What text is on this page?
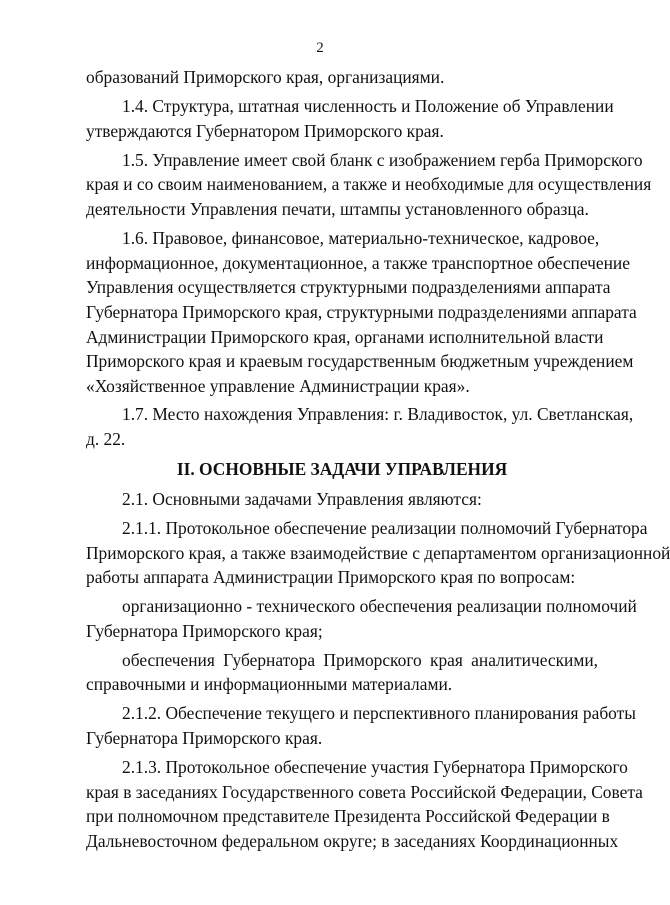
2
образований Приморского края, организациями.
1.4. Структура, штатная численность и Положение об Управлении
утверждаются Губернатором Приморского края.
1.5. Управление имеет свой бланк с изображением герба Приморского
края и со своим наименованием, а также и необходимые для осуществления
деятельности Управления печати, штампы установленного образца.
1.6. Правовое, финансовое, материально-техническое, кадровое,
информационное, документационное, а также транспортное обеспечение
Управления осуществляется структурными подразделениями аппарата
Губернатора Приморского края, структурными подразделениями аппарата
Администрации Приморского края, органами исполнительной власти
Приморского края и краевым государственным бюджетным учреждением
«Хозяйственное управление Администрации края».
1.7. Место нахождения Управления: г. Владивосток, ул. Светланская,
д. 22.
II. ОСНОВНЫЕ ЗАДАЧИ УПРАВЛЕНИЯ
2.1. Основными задачами Управления являются:
2.1.1. Протокольное обеспечение реализации полномочий Губернатора
Приморского края, а также взаимодействие с департаментом организационной
работы аппарата Администрации Приморского края по вопросам:
организационно - технического обеспечения реализации полномочий
Губернатора Приморского края;
обеспечения Губернатора Приморского края аналитическими,
справочными и информационными материалами.
2.1.2. Обеспечение текущего и перспективного планирования работы
Губернатора Приморского края.
2.1.3. Протокольное обеспечение участия Губернатора Приморского
края в заседаниях Государственного совета Российской Федерации, Совета
при полномочном представителе Президента Российской Федерации в
Дальневосточном федеральном округе; в заседаниях Координационных
